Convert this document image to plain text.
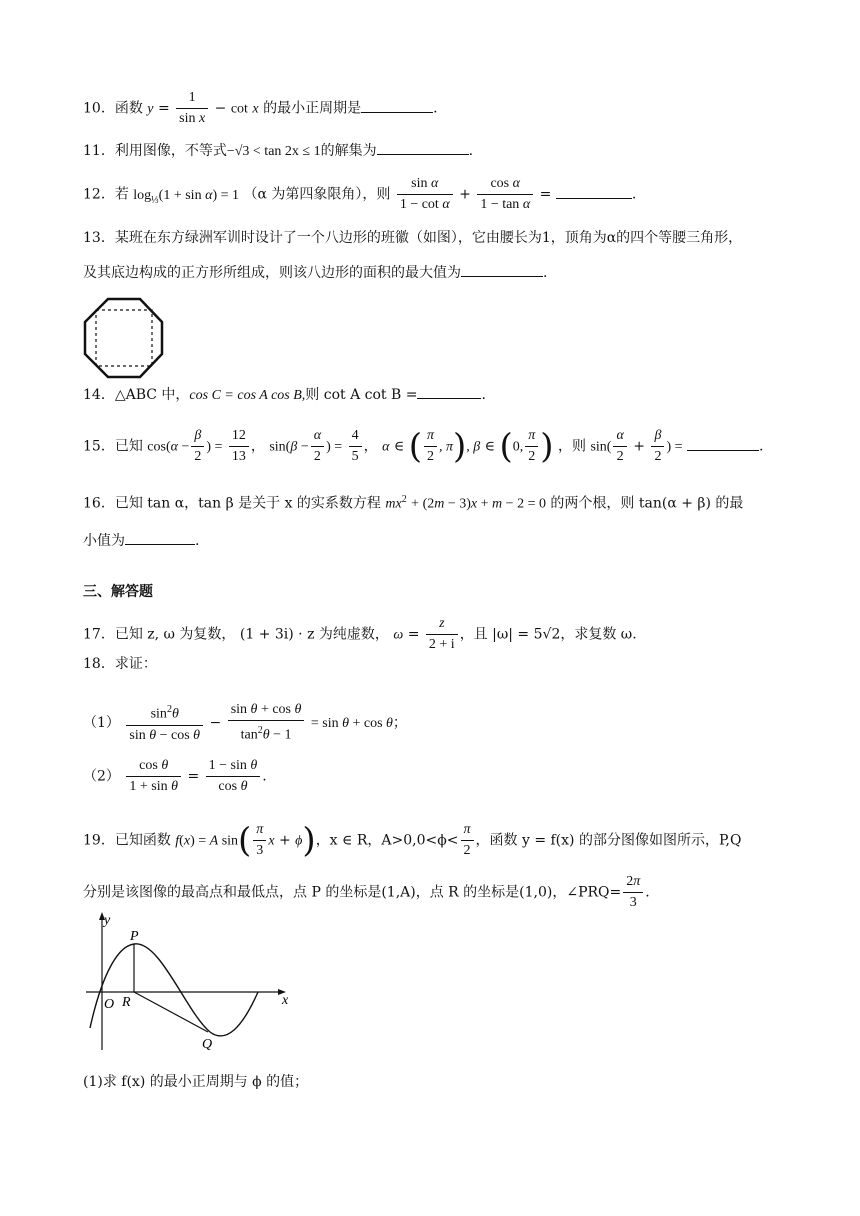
10．函数 $y = \frac{1}{\text{sin x}} - \cot x$ 的最小正周期是	.
11．利用图像，不等式−√3 < tan 2x ≤ 1的解集为	.
12．若 $\log_{\frac{1}{3}}(1 + \sin \alpha) = 1$ （α 为第四象限角），则 $\frac{\text{sin α}}{\text{1 − cot α}} + \frac{\text{cos α}}{\text{1 − tan α}}$ =	.
13．某班在东方绿洲军训时设计了一个八边形的班徽（如图），它由腰长为1，顶角为α的四个等腰三角形，
及其底边构成的正方形所组成，则该八边形的面积的最大值为	.
14．△ABC 中，cos C = cos A cos B,则 cot A cot B =	.
15．已知 $\cos(\alpha - \frac{\beta}{2}$ ) = $\frac{12}{13}$ ， $\sin(\beta - \frac{\alpha}{2}$ ) = $\frac{4}{5}$ ， α ∈ ( $\frac{\pi}{2}$ , π), β ∈ (0, $\frac{\pi}{2}$ ) ，则 $\sin( \frac{\alpha}{2} + \frac{\beta}{2}$ ) =	.
16．已知 tan α，tan β 是关于 x 的实系数方程 $mx^2 + (2m - 3)x + m - 2 = 0$ 的两个根，则 tan(α + β) 的最
小值为	.
三、解答题
17．已知 z, ω 为复数， (1 + 3i) · z 为纯虚数， $\omega = \frac{z}{2 + i}$ ，且 |ω| = 5√2，求复数 ω.
18．求证：
$(1) \frac{\sin^2\theta}{\text{sin θ − cos θ}} - \frac{\text{sin θ + cos θ}}{\tan^2\theta - 1} = \sin \theta + \cos \theta$；
$(2) \frac{\text{cos θ}}{\text{1 + sin θ}} = \frac{\text{1 − sin θ}}{\text{cos θ}}$ .
19．已知函数 f(x) = A $\sin( \frac{\pi}{3}$ x + ϕ)，x ∈ R，$A>0,0<\phi< \frac{\pi}{2}$ ，函数 y = f(x) 的部分图像如图所示，P,Q
分别是该图像的最高点和最低点，点 P 的坐标是(1,A)，点 R 的坐标是(1,0)，∠PRQ= $\frac{2\pi}{3}$ .
y
P
O R	x
Q
(1)求 f(x) 的最小正周期与 ϕ 的值；
